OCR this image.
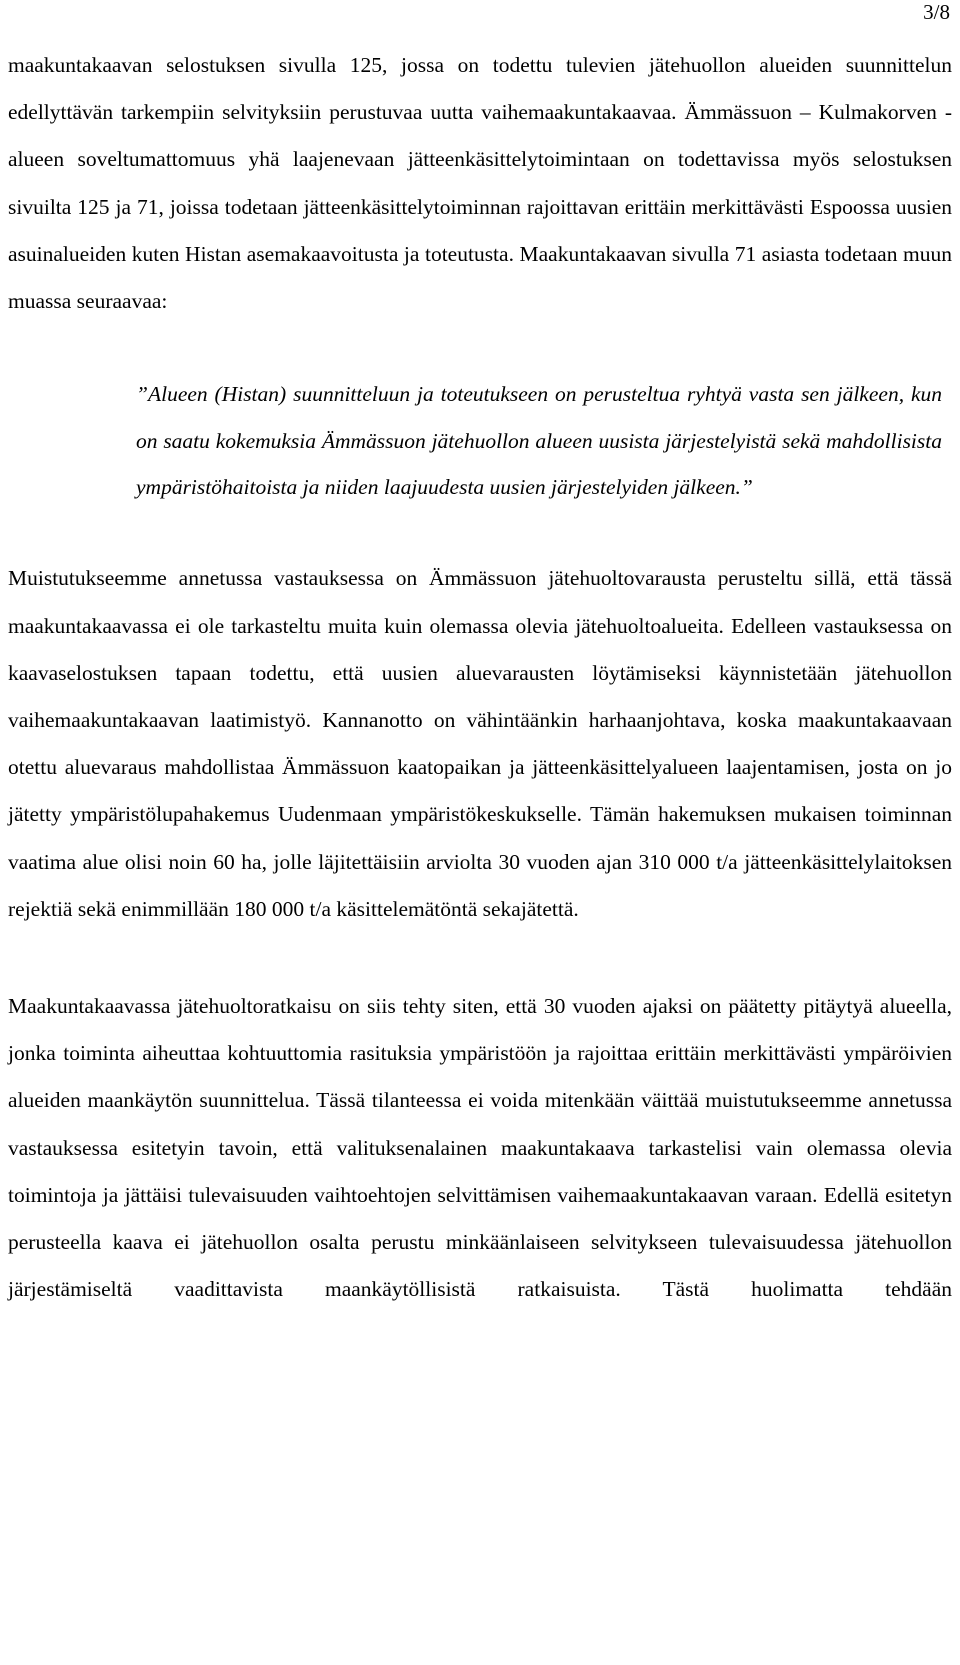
3/8

maakuntakaavan selostuksen sivulla 125, jossa on todettu tulevien jätehuollon alueiden suunnittelun edellyttävän tarkempiin selvityksiin perustuvaa uutta vaihemaakuntakaavaa. Ämmässuon – Kulmakorven -alueen soveltumattomuus yhä laajenevaan jätteenkäsittelytoimintaan on todettavissa myös selostuksen sivuilta 125 ja 71, joissa todetaan jätteenkäsittelytoiminnan rajoittavan erittäin merkittävästi Espoossa uusien asuinalueiden kuten Histan asemakaavoitusta ja toteutusta. Maakuntakaavan sivulla 71 asiasta todetaan muun muassa seuraavaa:

”Alueen (Histan) suunnitteluun ja toteutukseen on perusteltua ryhtyä vasta sen jälkeen, kun on saatu kokemuksia Ämmässuon jätehuollon alueen uusista järjestelyistä sekä mahdollisista ympäristöhaitoista ja niiden laajuudesta uusien järjestelyiden jälkeen.”

Muistutukseemme annetussa vastauksessa on Ämmässuon jätehuoltovarausta perusteltu sillä, että tässä maakuntakaavassa ei ole tarkasteltu muita kuin olemassa olevia jätehuoltoalueita. Edelleen vastauksessa on kaavaselostuksen tapaan todettu, että uusien aluevarausten löytämiseksi käynnistetään jätehuollon vaihemaakuntakaavan laatimistyö. Kannanotto on vähintäänkin harhaanjohtava, koska maakuntakaavaan otettu aluevaraus mahdollistaa Ämmässuon kaatopaikan ja jätteenkäsittelyalueen laajentamisen, josta on jo jätetty ympäristölupahakemus Uudenmaan ympäristökeskukselle. Tämän hakemuksen mukaisen toiminnan vaatima alue olisi noin 60 ha, jolle läjitettäisiin arviolta 30 vuoden ajan 310 000 t/a jätteenkäsittelylaitoksen rejektiä sekä enimmillään 180 000 t/a käsittelemätöntä sekajätettä.

Maakuntakaavassa jätehuoltoratkaisu on siis tehty siten, että 30 vuoden ajaksi on päätetty pitäytyä alueella, jonka toiminta aiheuttaa kohtuuttomia rasituksia ympäristöön ja rajoittaa erittäin merkittävästi ympäröivien alueiden maankäytön suunnittelua. Tässä tilanteessa ei voida mitenkään väittää muistutukseemme annetussa vastauksessa esitetyin tavoin, että valituksenalainen maakuntakaava tarkastelisi vain olemassa olevia toimintoja ja jättäisi tulevaisuuden vaihtoehtojen selvittämisen vaihemaakuntakaavan varaan. Edellä esitetyn perusteella kaava ei jätehuollon osalta perustu minkäänlaiseen selvitykseen tulevaisuudessa jätehuollon järjestämiseltä vaadittavista maankäytöllisistä ratkaisuista. Tästä huolimatta tehdään
